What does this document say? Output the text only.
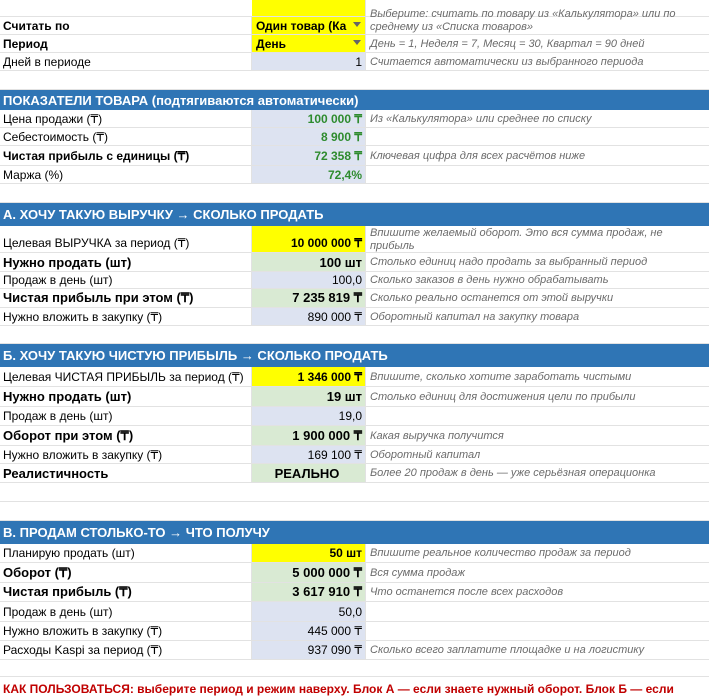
Считать по	Один товар (Ка
Выберите: считать по товару из «Калькулятора» или по среднему из «Списка товаров»
Период	День	День = 1, Неделя = 7, Месяц = 30, Квартал = 90 дней
Дней в периоде	1 Считается автоматически из выбранного периода
ПОКАЗАТЕЛИ ТОВАРА (подтягиваются автоматически)
Цена продажи (₸)	100 000 ₸ Из «Калькулятора» или среднее по списку
Себестоимость (₸)	8 900 ₸
Чистая прибыль с единицы (₸)	72 358 ₸ Ключевая цифра для всех расчётов ниже
Маржа (%)	72,4%
А. ХОЧУ ТАКУЮ ВЫРУЧКУ → СКОЛЬКО ПРОДАТЬ
Целевая ВЫРУЧКА за период (₸)	10 000 000 ₸
Впишите желаемый оборот. Это вся сумма продаж, не прибыль
Нужно продать (шт)	100 шт Столько единиц надо продать за выбранный период
Продаж в день (шт)	100,0 Сколько заказов в день нужно обрабатывать
Чистая прибыль при этом (₸)	7 235 819 ₸ Сколько реально останется от этой выручки
Нужно вложить в закупку (₸)	890 000 ₸ Оборотный капитал на закупку товара
Б. ХОЧУ ТАКУЮ ЧИСТУЮ ПРИБЫЛЬ → СКОЛЬКО ПРОДАТЬ
Целевая ЧИСТАЯ ПРИБЫЛЬ за период (₸)	1 346 000 ₸ Впишите, сколько хотите заработать чистыми
Нужно продать (шт)	19 шт Столько единиц для достижения цели по прибыли
Продаж в день (шт)	19,0
Оборот при этом (₸)	1 900 000 ₸ Какая выручка получится
Нужно вложить в закупку (₸)	169 100 ₸ Оборотный капитал
Реалистичность	РЕАЛЬНО	Более 20 продаж в день — уже серьёзная операционка
В. ПРОДАМ СТОЛЬКО-ТО → ЧТО ПОЛУЧУ
Планирую продать (шт)	50 шт Впишите реальное количество продаж за период
Оборот (₸)	5 000 000 ₸ Вся сумма продаж
Чистая прибыль (₸)	3 617 910 ₸ Что останется после всех расходов
Продаж в день (шт)	50,0
Нужно вложить в закупку (₸)	445 000 ₸
Расходы Kaspi за период (₸)	937 090 ₸ Сколько всего заплатите площадке и на логистику
КАК ПОЛЬЗОВАТЬСЯ: выберите период и режим наверху. Блок А — если знаете нужный оборот. Блок Б — если
